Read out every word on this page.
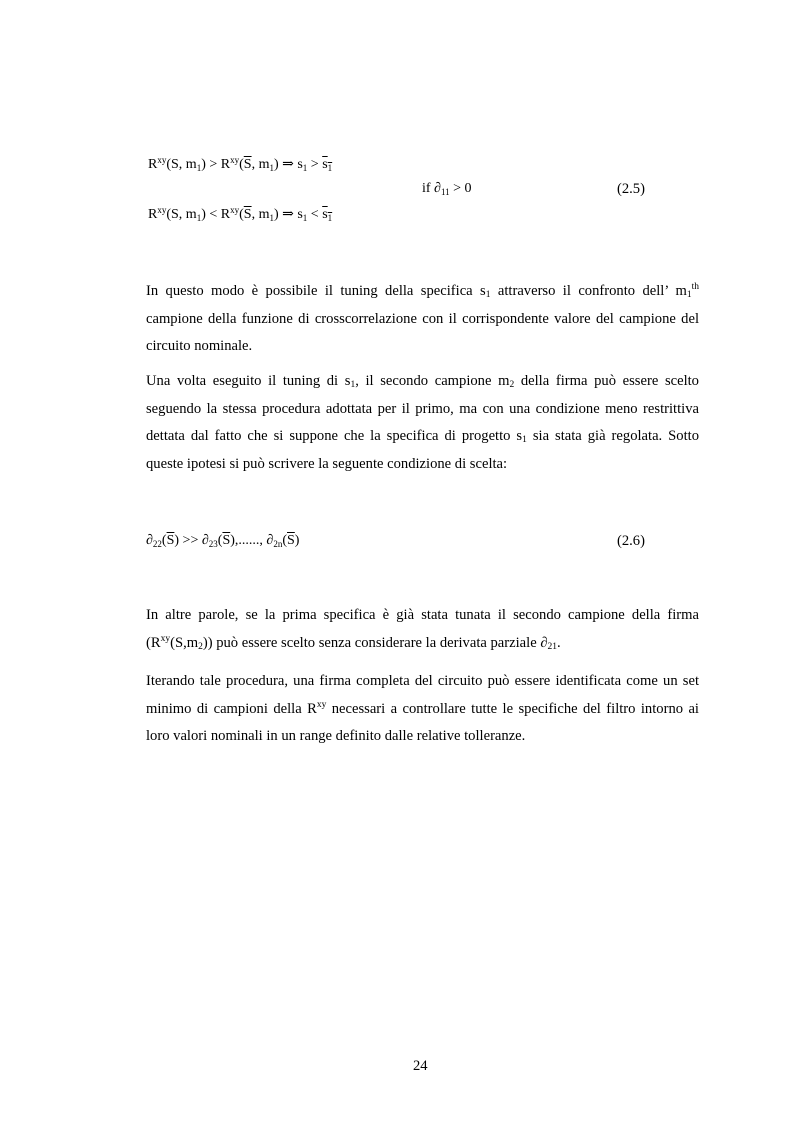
$R^{xy}(S$, $m_1) > R^{xy}(\overline{S}$, $m_1$) ⇒ $s_1 > s_1$
if $\partial_{11} > 0$	(2.5)
$R^{xy}(S$, $m_1) < R^{xy}(\overline{S}$, $m_1$) ⇒ $s_1 < s_1$
In questo modo è possibile il tuning della specifica $s_1$ attraverso il confronto dell’ $m_1^{th}$ campione della funzione di crosscorrelazione con il corrispondente valore del campione del circuito nominale.
Una volta eseguito il tuning di $s_1$, il secondo campione $m_2$ della firma può essere scelto seguendo la stessa procedura adottata per il primo, ma con una condizione meno restrittiva dettata dal fatto che si suppone che la specifica di progetto $s_1$ sia stata già regolata. Sotto queste ipotesi si può scrivere la seguente condizione di scelta:
$\partial_{22}(\overline{S}) >> \partial_{23}(\overline{S})$,......, $\partial_{2n}(\overline{S})$	(2.6)
In altre parole, se la prima specifica è già stata tunata il secondo campione della firma $(R^{xy}(S,m_2))$ può essere scelto senza considerare la derivata parziale $\partial_{21}$.
Iterando tale procedura, una firma completa del circuito può essere identificata come un set minimo di campioni della $R^{xy}$ necessari a controllare tutte le specifiche del filtro intorno ai loro valori nominali in un range definito dalle relative tolleranze.
24
